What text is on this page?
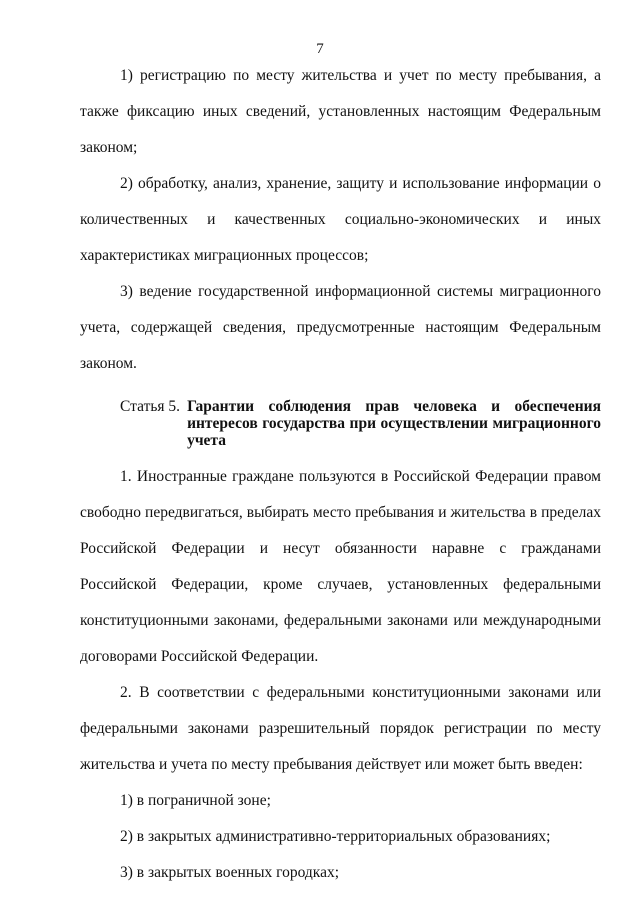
7

1) регистрацию по месту жительства и учет по месту пребывания, а также фиксацию иных сведений, установленных настоящим Федеральным законом;

2) обработку, анализ, хранение, защиту и использование информации о количественных и качественных социально-экономических и иных характеристиках миграционных процессов;

3) ведение государственной информационной системы миграционного учета, содержащей сведения, предусмотренные настоящим Федеральным законом.

Статья 5. Гарантии соблюдения прав человека и обеспечения интересов государства при осуществлении миграционного учета

1. Иностранные граждане пользуются в Российской Федерации правом свободно передвигаться, выбирать место пребывания и жительства в пределах Российской Федерации и несут обязанности наравне с гражданами Российской Федерации, кроме случаев, установленных федеральными конституционными законами, федеральными законами или международными договорами Российской Федерации.

2. В соответствии с федеральными конституционными законами или федеральными законами разрешительный порядок регистрации по месту жительства и учета по месту пребывания действует или может быть введен:

1) в пограничной зоне;

2) в закрытых административно-территориальных образованиях;

3) в закрытых военных городках;
